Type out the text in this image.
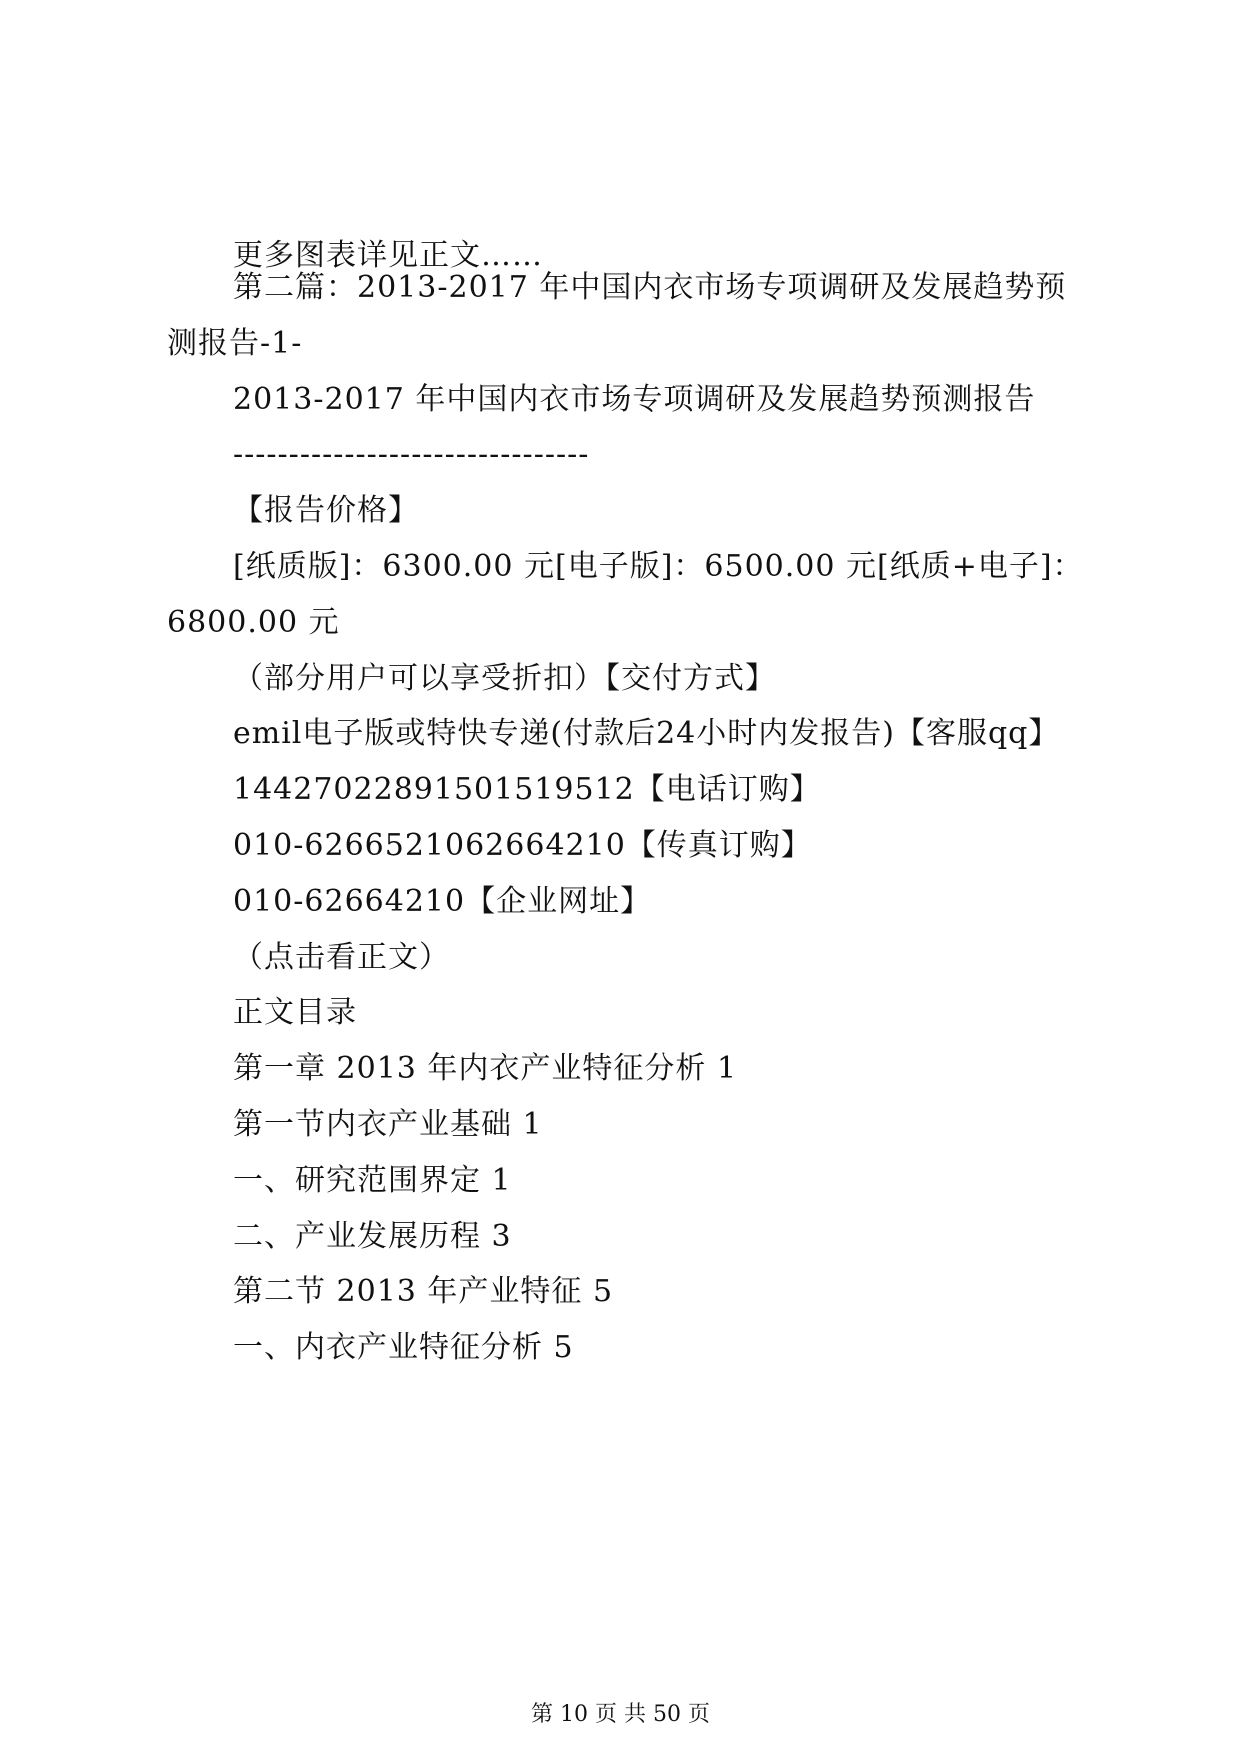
更多图表详见正文……
第二篇：2013-2017 年中国内衣市场专项调研及发展趋势预
测报告-1-
2013-2017 年中国内衣市场专项调研及发展趋势预测报告
--------------------------------
【报告价格】
[纸质版]：6300.00 元[电子版]：6500.00 元[纸质+电子]：
6800.00 元
（部分用户可以享受折扣）【交付方式】
emil电子版或特快专递(付款后24小时内发报告)【客服qq】
14427022891501519512【电话订购】
010-6266521062664210【传真订购】
010-62664210【企业网址】
（点击看正文）
正文目录
第一章 2013 年内衣产业特征分析 1
第一节内衣产业基础 1
一、研究范围界定 1
二、产业发展历程 3
第二节 2013 年产业特征 5
一、内衣产业特征分析 5
第 10 页 共 50 页
